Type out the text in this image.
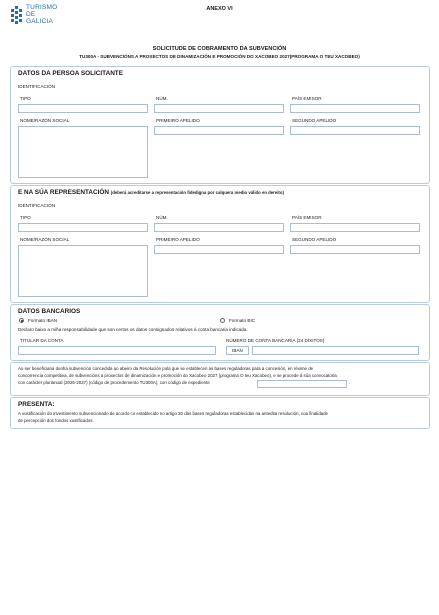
TURISMO
DE
GALICIA
ANEXO VI
SOLICITUDE DE COBRAMENTO DA SUBVENCIÓN
TU300A - SUBVENCIÓNS A PROXECTOS DE DINAMIZACIÓN E PROMOCIÓN DO XACOBEO 2027(PROGRAMA O TEU XACOBEO)
DATOS DA PERSOA SOLICITANTE
IDENTIFICACIÓN
TIPO	NÚM.	PAÍS EMISOR
NOME/RAZÓN SOCIAL	PRIMEIRO APELIDO	SEGUNDO APELIDO
E NA SÚA REPRESENTACIÓN (deberá acreditarse a representación fidedigna por calquera medio válido en dereito)
IDENTIFICACIÓN
TIPO	NÚM.	PAÍS EMISOR
NOME/RAZÓN SOCIAL	PRIMEIRO APELIDO	SEGUNDO APELIDO
DATOS BANCARIOS
Formato IBAN	Formato BIC
Declaro baixo a miña responsabilidade que son certos os datos consignados relativos á conta bancaria indicada.
TITULAR DA CONTA	NÚMERO DE CONTA BANCARIA (24 DÍXITOS)
IBAN
Ao ser beneficiaria dunha subvención concedida ao abeiro da Resolución pola que se establecen as bases reguladoras para a concesión, en réxime de
concorrencia competitiva, de subvencións a proxectos de dinamización e promoción do Xacobeo 2027 (programa O teu Xacobeo), e se procede á súa convocatoria
con carácter plurianual (2026-2027) (código de procedemento TU300A), con código de expediente	.
PRESENTA:
A xustificación do investimento subvencionado de acordo co establecido no artigo 20 das bases reguladoras establecidas na antedita resolución, coa finalidade
de percepción dos fondos xustificados.
